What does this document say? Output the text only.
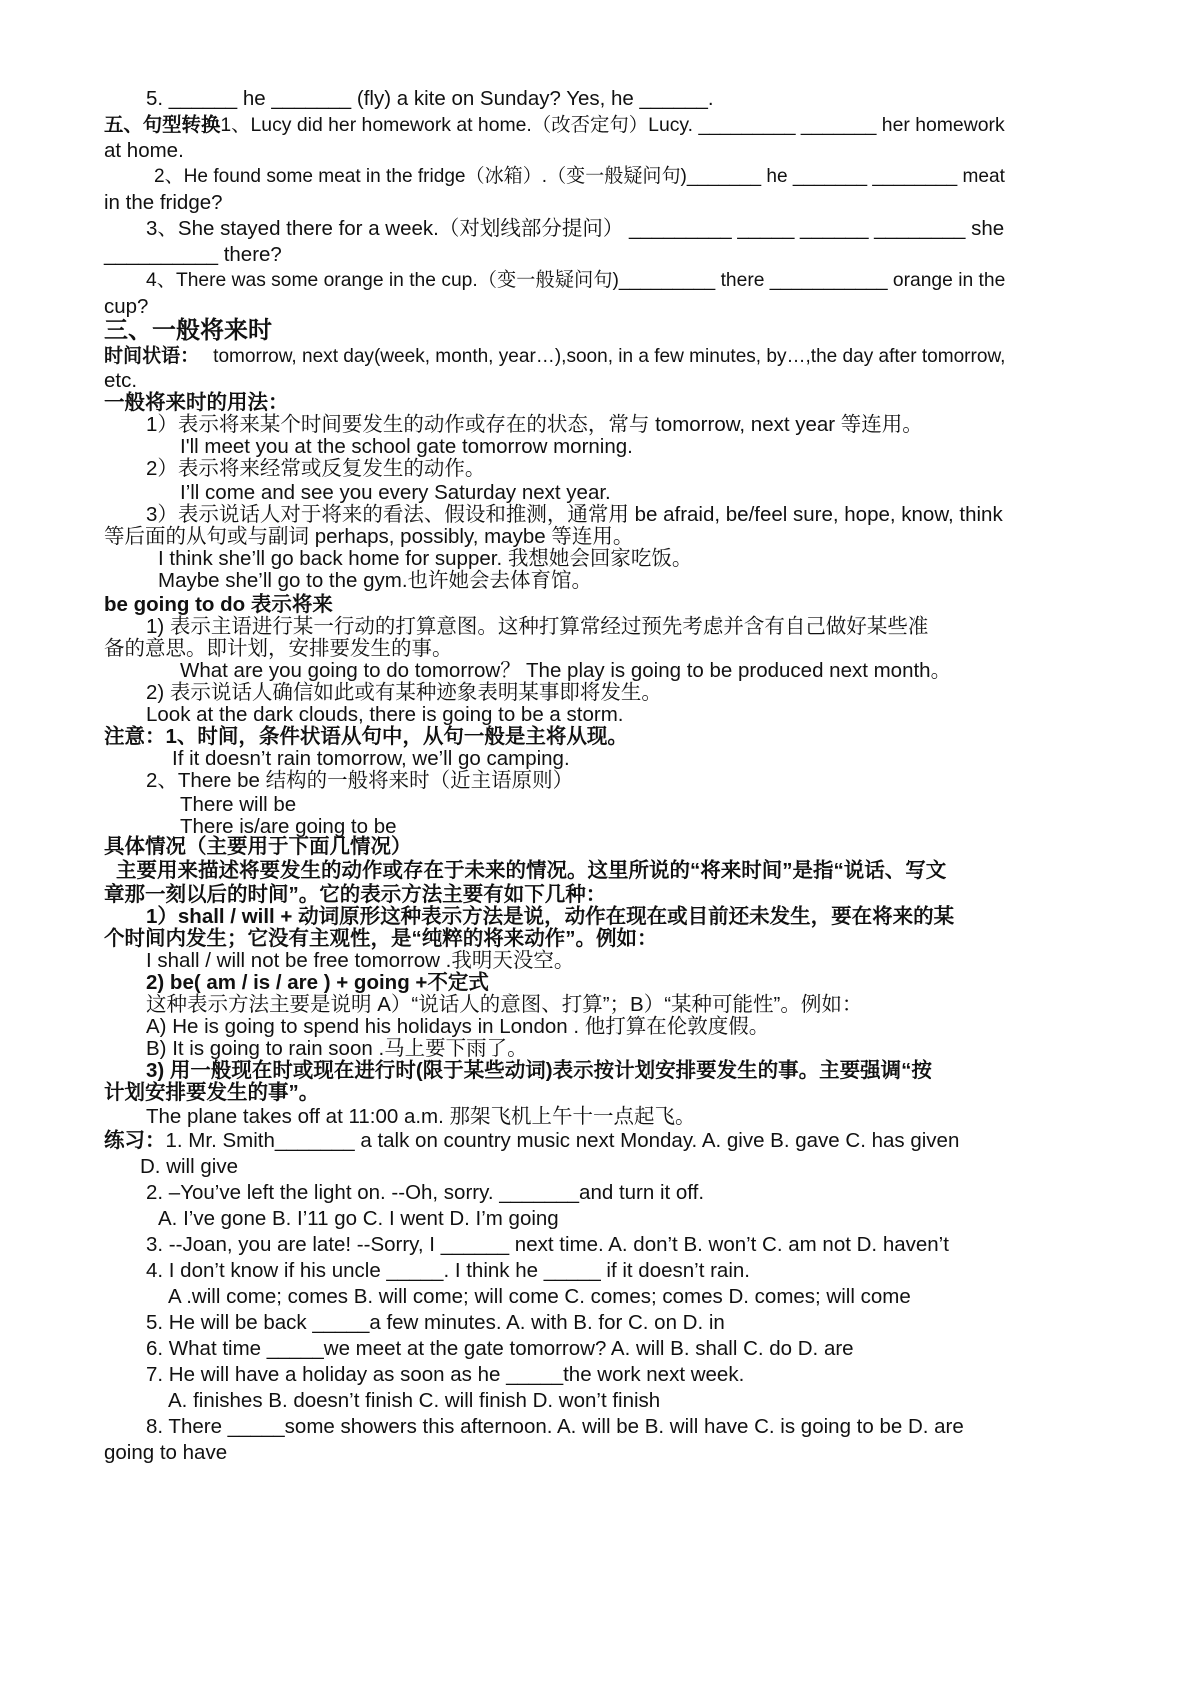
5. ______ he _______ (fly) a kite on Sunday? Yes, he ______.
五、句型转换1、Lucy did her homework at home.（改否定句）Lucy. _________ _______ her homework
at home.
2、He found some meat in the fridge（冰箱）.（变一般疑问句)_______ he _______ ________ meat
in the fridge?
3、She stayed there for a week.（对划线部分提问） _________ _____ ______ ________ she
__________ there?
4、There was some orange in the cup.（变一般疑问句)_________ there ___________ orange in the
cup?
三、一般将来时
时间状语： tomorrow, next day(week, month, year…),soon, in a few minutes, by…,the day after tomorrow,
etc.
一般将来时的用法：
1）表示将来某个时间要发生的动作或存在的状态，常与 tomorrow, next year 等连用。
I'll meet you at the school gate tomorrow morning.
2）表示将来经常或反复发生的动作。
I’ll come and see you every Saturday next year.
3）表示说话人对于将来的看法、假设和推测，通常用 be afraid, be/feel sure, hope, know, think
等后面的从句或与副词 perhaps, possibly, maybe 等连用。
I think she’ll go back home for supper. 我想她会回家吃饭。
Maybe she’ll go to the gym.也许她会去体育馆。
be going to do 表示将来
1) 表示主语进行某一行动的打算意图。这种打算常经过预先考虑并含有自己做好某些准
备的意思。即计划，安排要发生的事。
What are you going to do tomorrow？ The play is going to be produced next month。
2) 表示说话人确信如此或有某种迹象表明某事即将发生。
Look at the dark clouds, there is going to be a storm.
注意：1、时间，条件状语从句中，从句一般是主将从现。
If it doesn’t rain tomorrow, we’ll go camping.
2、There be 结构的一般将来时（近主语原则）
There will be
There is/are going to be
具体情况（主要用于下面几情况）
主要用来描述将要发生的动作或存在于未来的情况。这里所说的“将来时间”是指“说话、写文
章那一刻以后的时间”。它的表示方法主要有如下几种：
1）shall / will + 动词原形这种表示方法是说，动作在现在或目前还未发生，要在将来的某
个时间内发生；它没有主观性，是“纯粹的将来动作”。例如：
I shall / will not be free tomorrow .我明天没空。
2) be( am / is / are ) + going +不定式
这种表示方法主要是说明 A）“说话人的意图、打算”；B）“某种可能性”。例如：
A) He is going to spend his holidays in London . 他打算在伦敦度假。
B) It is going to rain soon .马上要下雨了。
3) 用一般现在时或现在进行时(限于某些动词)表示按计划安排要发生的事。主要强调“按
计划安排要发生的事”。
The plane takes off at 11:00 a.m. 那架飞机上午十一点起飞。
练习：1. Mr. Smith_______ a talk on country music next Monday. A. give B. gave C. has given
D. will give
2. –You’ve left the light on. --Oh, sorry. _______and turn it off.
A. I’ve gone B. I’11 go C. I went D. I’m going
3. --Joan, you are late! --Sorry, I ______ next time. A. don’t B. won’t C. am not D. haven’t
4. I don’t know if his uncle _____. I think he _____ if it doesn’t rain.
A .will come; comes B. will come; will come C. comes; comes D. comes; will come
5. He will be back _____a few minutes. A. with B. for C. on D. in
6. What time _____we meet at the gate tomorrow? A. will B. shall C. do D. are
7. He will have a holiday as soon as he _____the work next week.
A. finishes B. doesn’t finish C. will finish D. won’t finish
8. There _____some showers this afternoon. A. will be B. will have C. is going to be D. are
going to have
